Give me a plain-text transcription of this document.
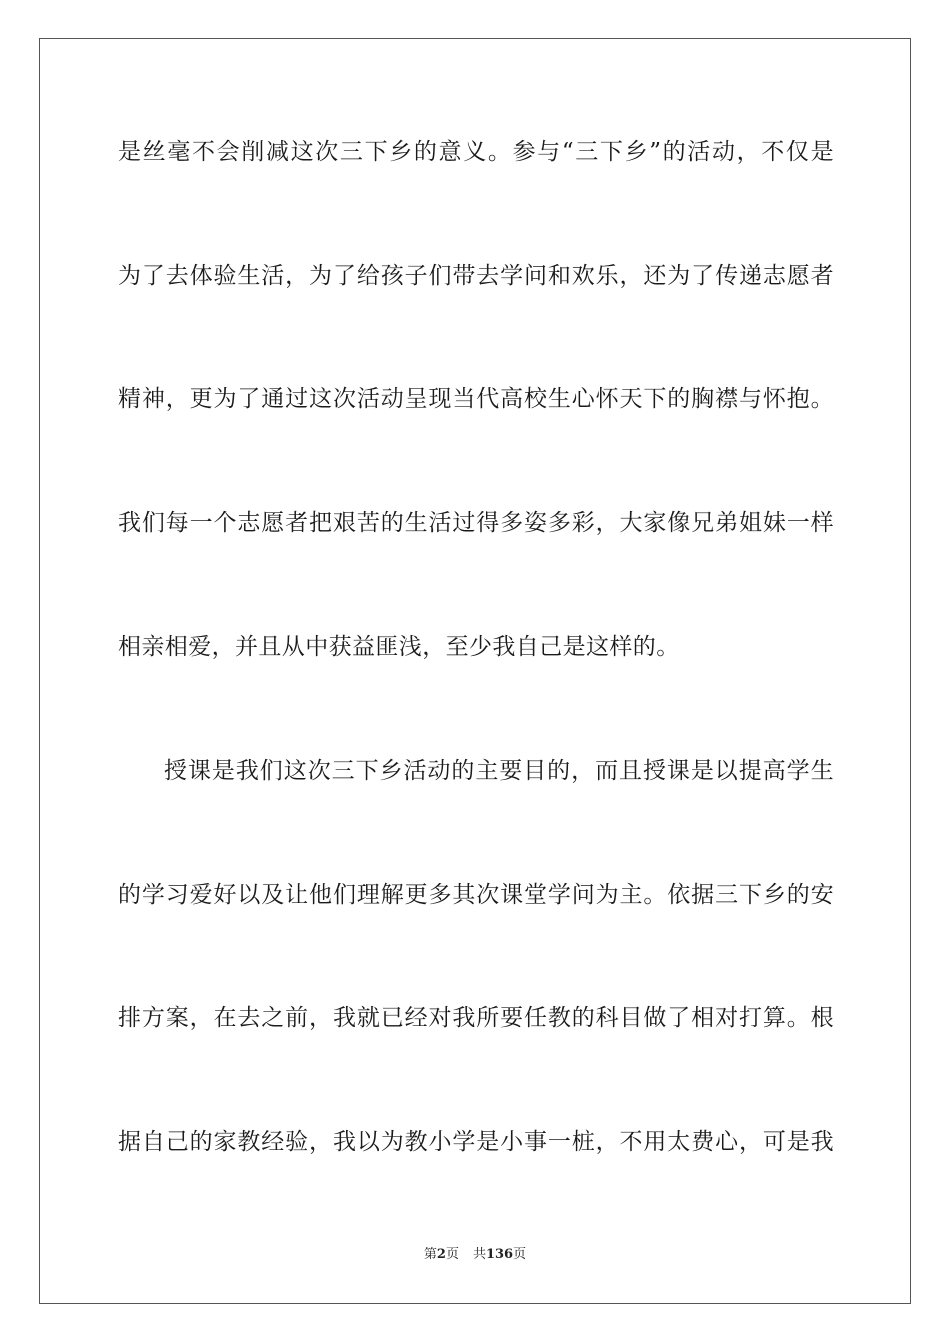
是丝毫不会削减这次三下乡的意义。参与“三下乡”的活动，不仅是
为了去体验生活，为了给孩子们带去学问和欢乐，还为了传递志愿者
精神，更为了通过这次活动呈现当代高校生心怀天下的胸襟与怀抱。
我们每一个志愿者把艰苦的生活过得多姿多彩，大家像兄弟姐妹一样
相亲相爱，并且从中获益匪浅，至少我自己是这样的。
授课是我们这次三下乡活动的主要目的，而且授课是以提高学生
的学习爱好以及让他们理解更多其次课堂学问为主。依据三下乡的安
排方案，在去之前，我就已经对我所要任教的科目做了相对打算。根
据自己的家教经验，我以为教小学是小事一桩，不用太费心，可是我
第2页 共136页
